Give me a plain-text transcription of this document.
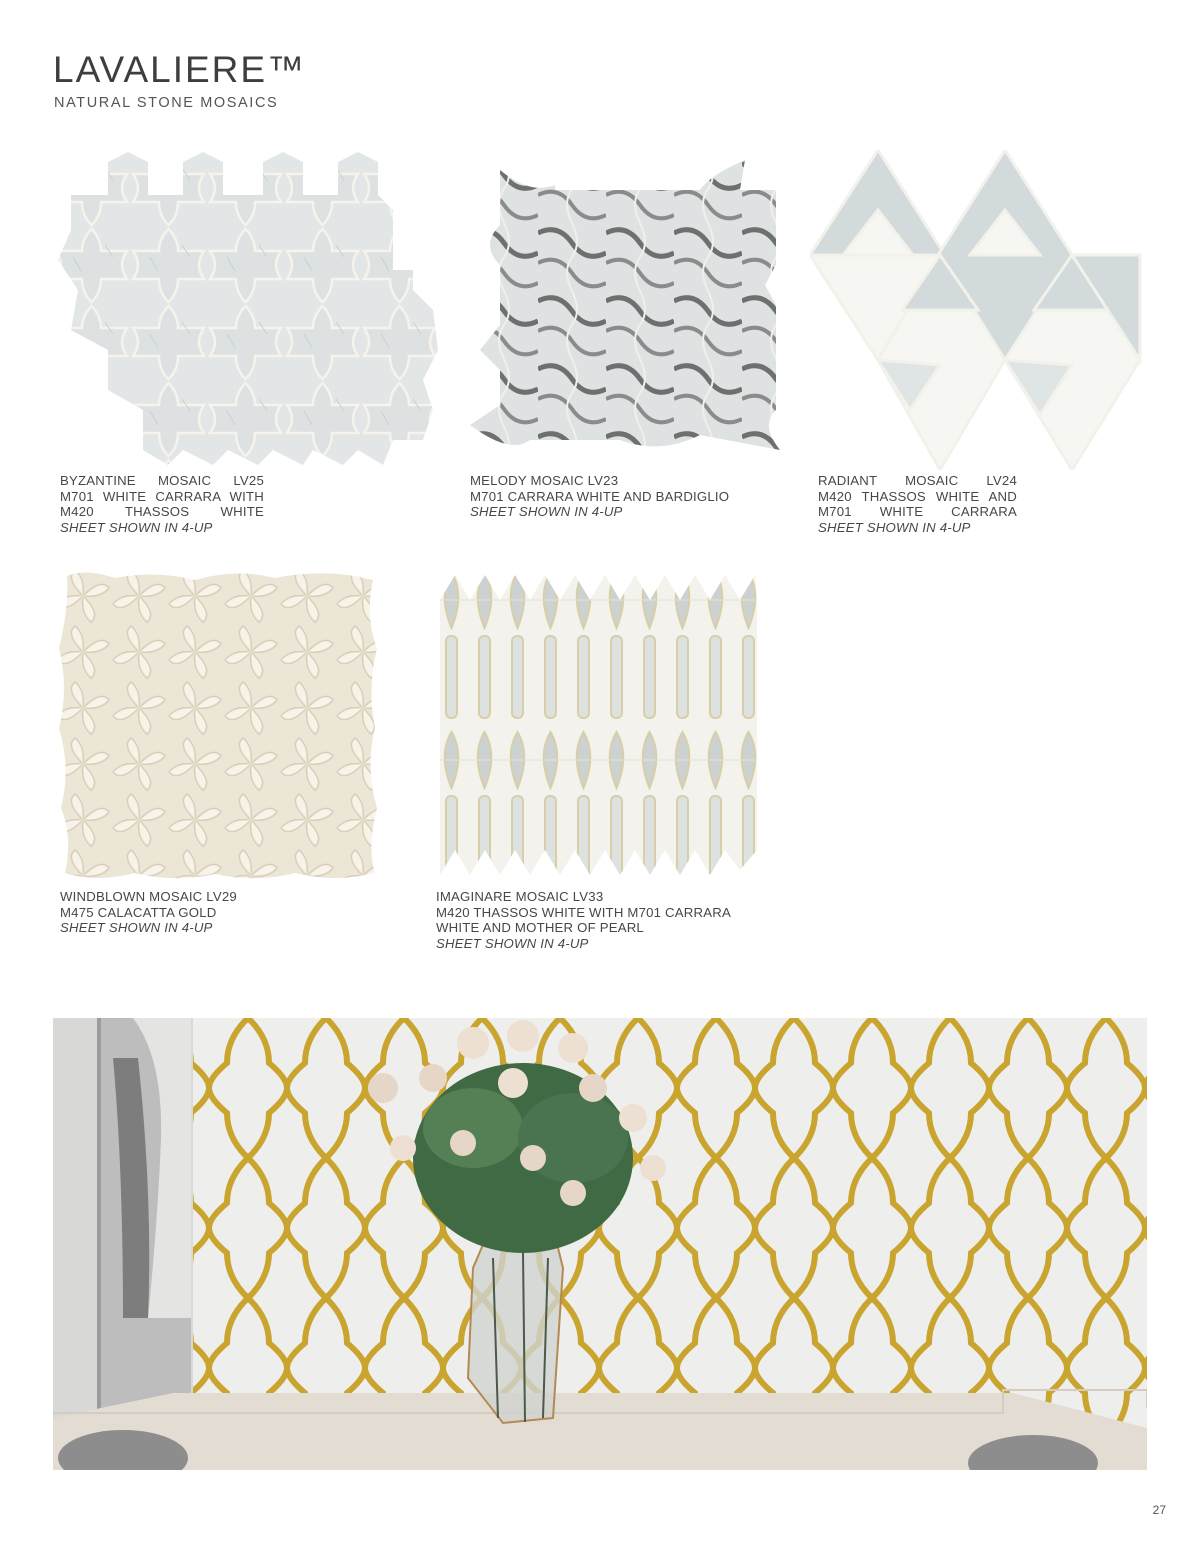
LAVALIERE™
NATURAL STONE MOSAICS
BYZANTINE MOSAIC LV25
M701 WHITE CARRARA WITH
M420 THASSOS WHITE
SHEET SHOWN IN 4-UP
MELODY MOSAIC LV23
M701 CARRARA WHITE AND BARDIGLIO
SHEET SHOWN IN 4-UP
RADIANT MOSAIC LV24
M420 THASSOS WHITE AND
M701 WHITE CARRARA
SHEET SHOWN IN 4-UP
WINDBLOWN MOSAIC LV29
M475 CALACATTA GOLD
SHEET SHOWN IN 4-UP
IMAGINARE MOSAIC LV33
M420 THASSOS WHITE WITH M701 CARRARA
WHITE AND MOTHER OF PEARL
SHEET SHOWN IN 4-UP
27
